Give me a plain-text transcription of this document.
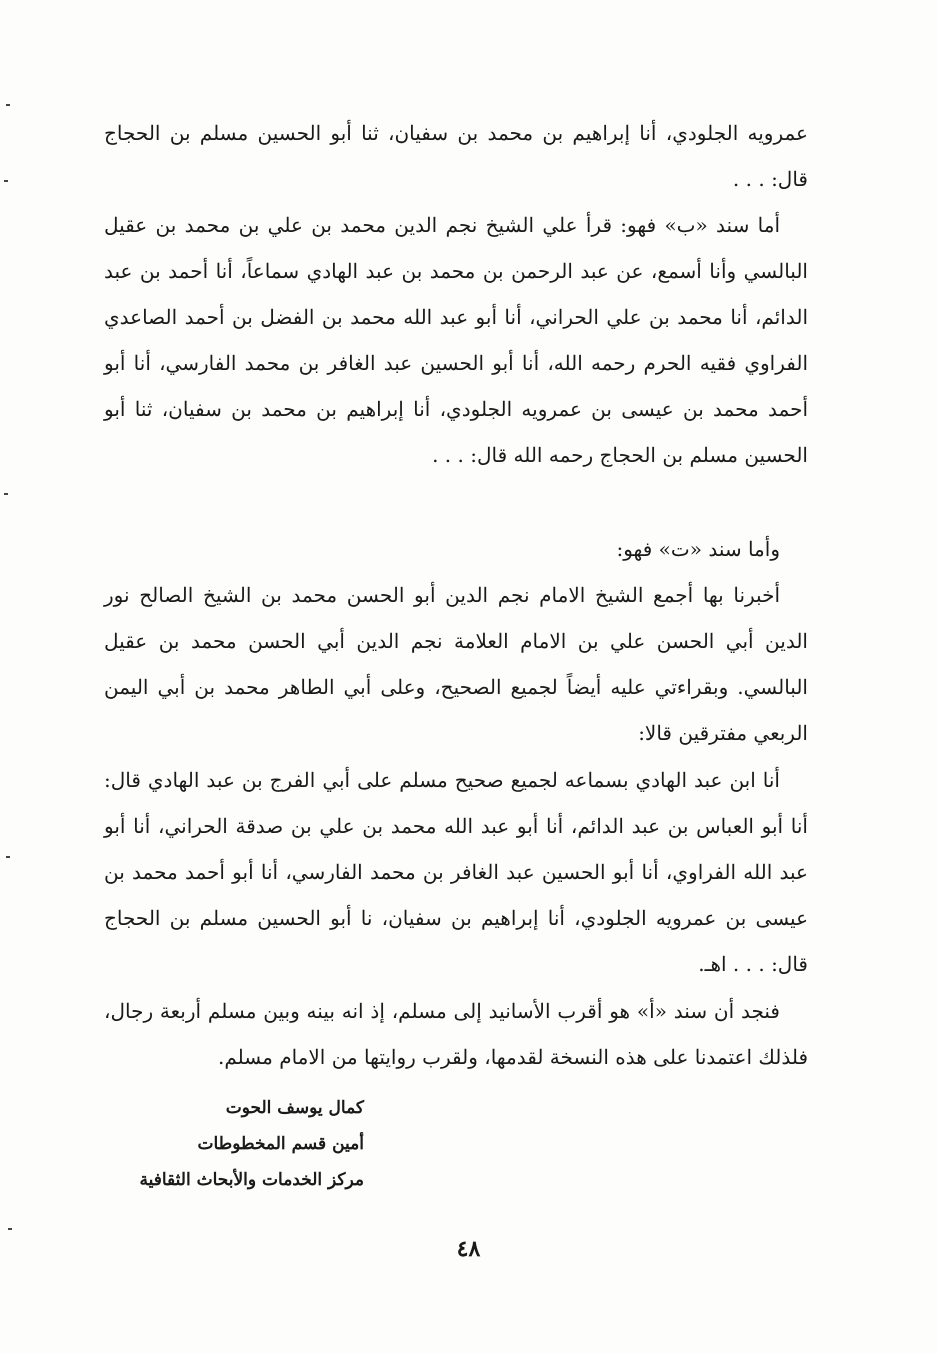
عمرويه الجلودي، أنا إبراهيم بن محمد بن سفيان، ثنا أبو الحسين مسلم بن الحجاج قال: . . .

أما سند «ب» فهو: قرأ علي الشيخ نجم الدين محمد بن علي بن محمد بن عقيل البالسي وأنا أسمع، عن عبد الرحمن بن محمد بن عبد الهادي سماعاً، أنا أحمد بن عبد الدائم، أنا محمد بن علي الحراني، أنا أبو عبد الله محمد بن الفضل بن أحمد الصاعدي الفراوي فقيه الحرم رحمه الله، أنا أبو الحسين عبد الغافر بن محمد الفارسي، أنا أبو أحمد محمد بن عيسى بن عمرويه الجلودي، أنا إبراهيم بن محمد بن سفيان، ثنا أبو الحسين مسلم بن الحجاج رحمه الله قال: . . .

وأما سند «ت» فهو:

أخبرنا بها أجمع الشيخ الامام نجم الدين أبو الحسن محمد بن الشيخ الصالح نور الدين أبي الحسن علي بن الامام العلامة نجم الدين أبي الحسن محمد بن عقيل البالسي. وبقراءتي عليه أيضاً لجميع الصحيح، وعلى أبي الطاهر محمد بن أبي اليمن الربعي مفترقين قالا:

أنا ابن عبد الهادي بسماعه لجميع صحيح مسلم على أبي الفرج بن عبد الهادي قال: أنا أبو العباس بن عبد الدائم، أنا أبو عبد الله محمد بن علي بن صدقة الحراني، أنا أبو عبد الله الفراوي، أنا أبو الحسين عبد الغافر بن محمد الفارسي، أنا أبو أحمد محمد بن عيسى بن عمرويه الجلودي، أنا إبراهيم بن سفيان، نا أبو الحسين مسلم بن الحجاج قال: . . . اهـ.

فنجد أن سند «أ» هو أقرب الأسانيد إلى مسلم، إذ انه بينه وبين مسلم أربعة رجال، فلذلك اعتمدنا على هذه النسخة لقدمها، ولقرب روايتها من الامام مسلم.

كمال يوسف الحوت
أمين قسم المخطوطات
مركز الخدمات والأبحاث الثقافية
٤٨
